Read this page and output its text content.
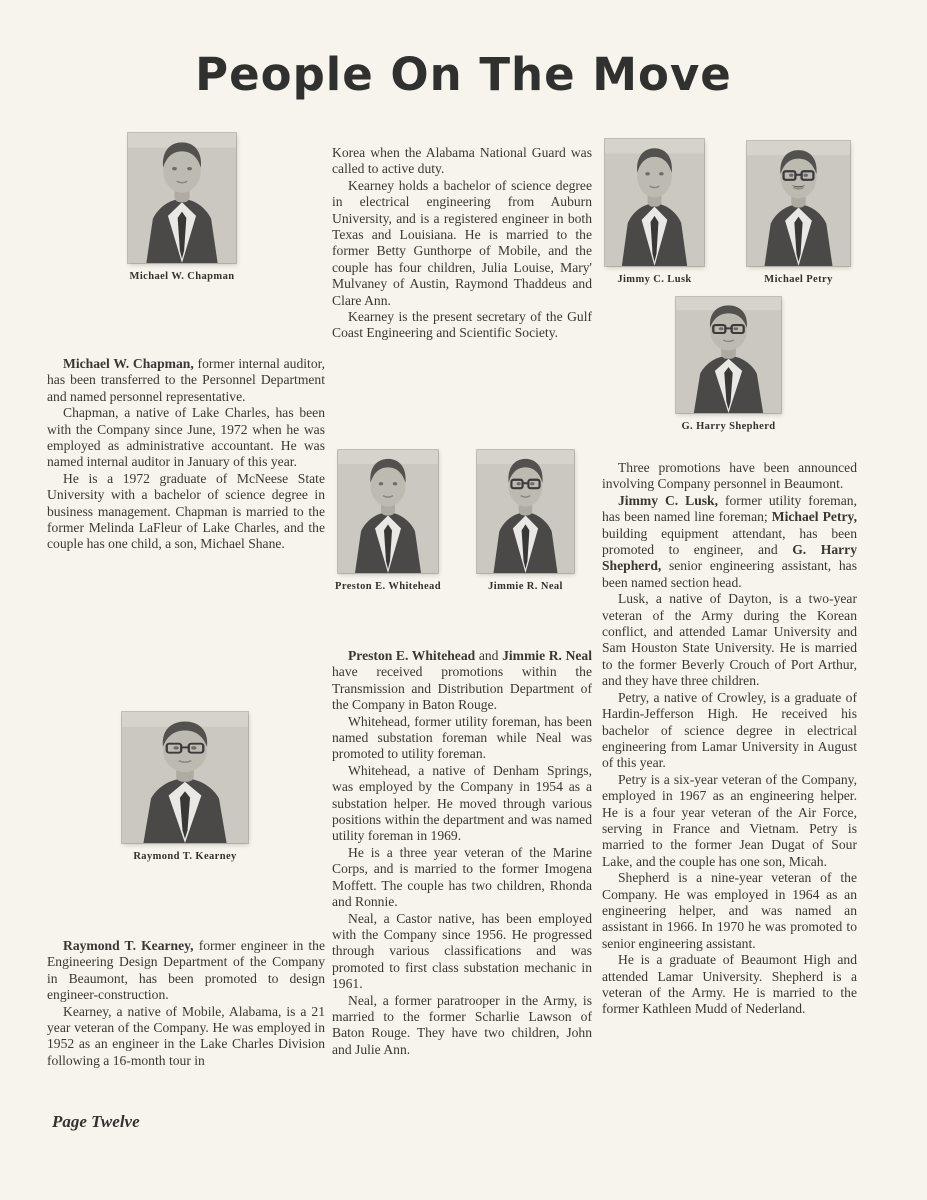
People On The Move
Michael W. Chapman	Jimmy C. Lusk	Michael Petry
G. Harry Shepherd
Preston E. Whitehead	Jimmie R. Neal
Raymond T. Kearney

Michael W. Chapman, former internal auditor, has been transferred to the Personnel Department and named personnel representative.

Chapman, a native of Lake Charles, has been with the Company since June, 1972 when he was employed as administrative accountant. He was named internal auditor in January of this year.

He is a 1972 graduate of McNeese State University with a bachelor of science degree in business management. Chapman is married to the former Melinda LaFleur of Lake Charles, and the couple has one child, a son, Michael Shane.

Raymond T. Kearney, former engineer in the Engineering Design Department of the Company in Beaumont, has been promoted to design engineer-construction.

Kearney, a native of Mobile, Alabama, is a 21 year veteran of the Company. He was employed in 1952 as an engineer in the Lake Charles Division following a 16-month tour in

Korea when the Alabama National Guard was called to active duty.

Kearney holds a bachelor of science degree in electrical engineering from Auburn University, and is a registered engineer in both Texas and Louisiana. He is married to the former Betty Gunthorpe of Mobile, and the couple has four children, Julia Louise, Mary' Mulvaney of Austin, Raymond Thaddeus and Clare Ann.

Kearney is the present secretary of the Gulf Coast Engineering and Scientific Society.

Preston E. Whitehead and Jimmie R. Neal have received promotions within the Transmission and Distribution Department of the Company in Baton Rouge.

Whitehead, former utility foreman, has been named substation foreman while Neal was promoted to utility foreman.

Whitehead, a native of Denham Springs, was employed by the Company in 1954 as a substation helper. He moved through various positions within the department and was named utility foreman in 1969.

He is a three year veteran of the Marine Corps, and is married to the former Imogena Moffett. The couple has two children, Rhonda and Ronnie.

Neal, a Castor native, has been employed with the Company since 1956. He progressed through various classifications and was promoted to first class substation mechanic in 1961.

Neal, a former paratrooper in the Army, is married to the former Scharlie Lawson of Baton Rouge. They have two children, John and Julie Ann.

Three promotions have been announced involving Company personnel in Beaumont.

Jimmy C. Lusk, former utility foreman, has been named line foreman; Michael Petry, building equipment attendant, has been promoted to engineer, and G. Harry Shepherd, senior engineering assistant, has been named section head.

Lusk, a native of Dayton, is a two-year veteran of the Army during the Korean conflict, and attended Lamar University and Sam Houston State University. He is married to the former Beverly Crouch of Port Arthur, and they have three children.

Petry, a native of Crowley, is a graduate of Hardin-Jefferson High. He received his bachelor of science degree in electrical engineering from Lamar University in August of this year.

Petry is a six-year veteran of the Company, employed in 1967 as an engineering helper. He is a four year veteran of the Air Force, serving in France and Vietnam. Petry is married to the former Jean Dugat of Sour Lake, and the couple has one son, Micah.

Shepherd is a nine-year veteran of the Company. He was employed in 1964 as an engineering helper, and was named an assistant in 1966. In 1970 he was promoted to senior engineering assistant.

He is a graduate of Beaumont High and attended Lamar University. Shepherd is a veteran of the Army. He is married to the former Kathleen Mudd of Nederland.

Page Twelve
